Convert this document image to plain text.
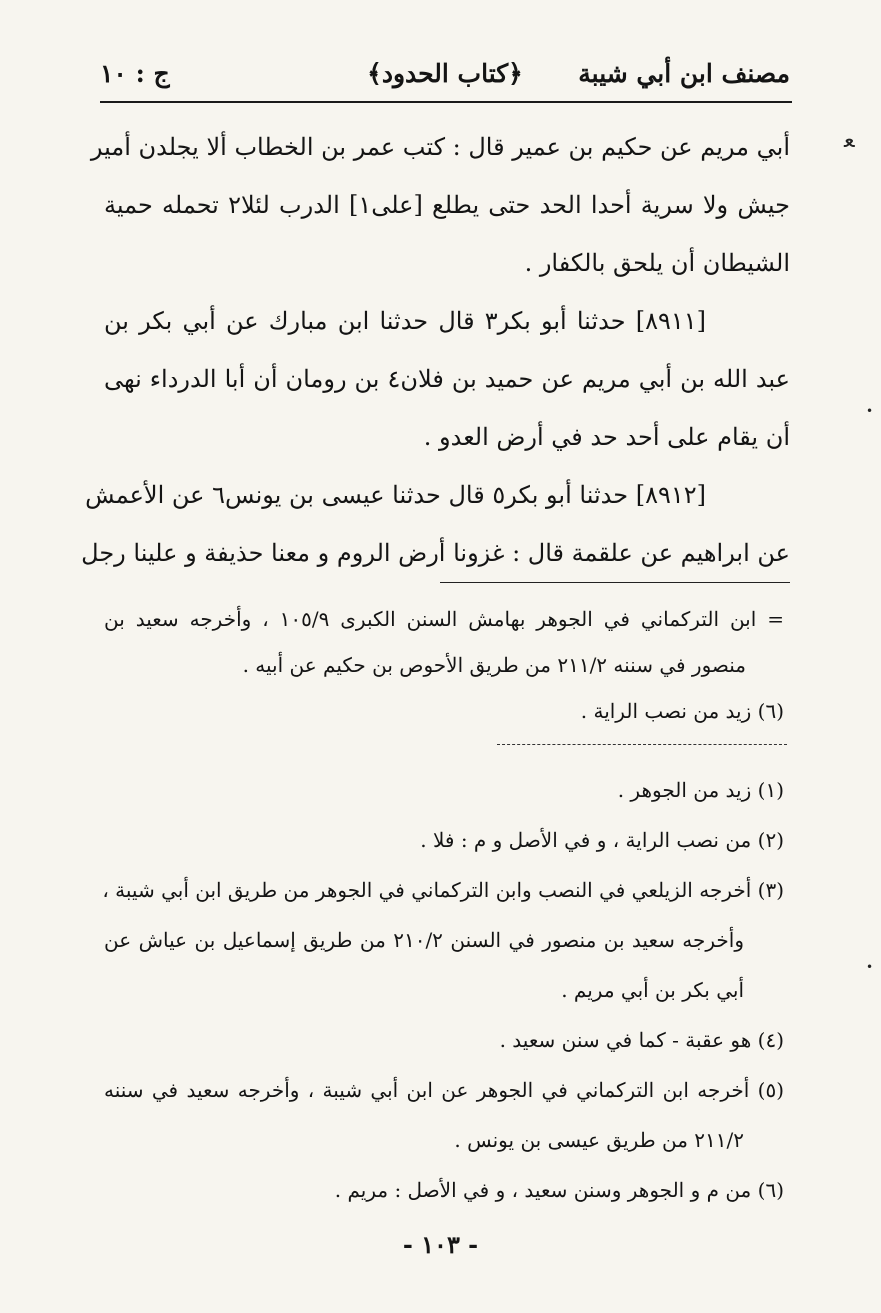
مصنف ابن أبي شيبة
﴿كتاب الحدود﴾
ج : ١٠
أبي مريم عن حكيم بن عمير قال : كتب عمر بن الخطاب ألا يجلدن أمير
جيش ولا سرية أحدا الحد حتى يطلع [على١] الدرب لئلا٢ تحمله حمية
الشيطان أن يلحق بالكفار .
[٨٩١١] حدثنا أبو بكر٣ قال حدثنا ابن مبارك عن أبي بكر بن
عبد الله بن أبي مريم عن حميد بن فلان٤ بن رومان أن أبا الدرداء نهى
أن يقام على أحد حد في أرض العدو .
[٨٩١٢] حدثنا أبو بكر٥ قال حدثنا عيسى بن يونس٦ عن الأعمش
عن ابراهيم عن علقمة قال : غزونا أرض الروم و معنا حذيفة و علينا رجل
= ابن التركماني في الجوهر بهامش السنن الكبرى ١٠٥/٩ ، وأخرجه سعيد بن
منصور في سننه ٢١١/٢ من طريق الأحوص بن حكيم عن أبيه .
(٦) زيد من نصب الراية .
(١) زيد من الجوهر .
(٢) من نصب الراية ، و في الأصل و م : فلا .
(٣) أخرجه الزيلعي في النصب وابن التركماني في الجوهر من طريق ابن أبي شيبة ،
وأخرجه سعيد بن منصور في السنن ٢١٠/٢ من طريق إسماعيل بن عياش عن
أبي بكر بن أبي مريم .
(٤) هو عقبة - كما في سنن سعيد .
(٥) أخرجه ابن التركماني في الجوهر عن ابن أبي شيبة ، وأخرجه سعيد في سننه
٢١١/٢ من طريق عيسى بن يونس .
(٦) من م و الجوهر وسنن سعيد ، و في الأصل : مريم .
- ١٠٣ -
ﻌ
•
•
